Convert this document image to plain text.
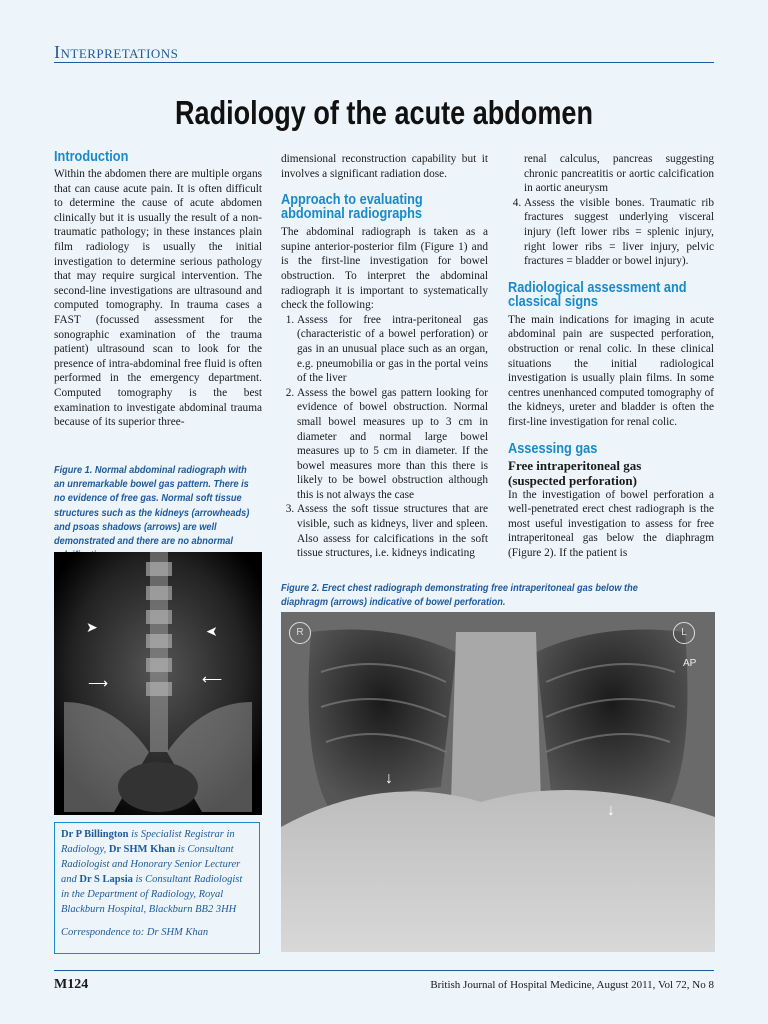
Interpretations
Radiology of the acute abdomen
Introduction

Within the abdomen there are multiple organs that can cause acute pain. It is often difficult to determine the cause of acute abdomen clinically but it is usually the result of a non-traumatic pathology; in these instances plain film radiology is usually the initial investigation to determine serious pathology that may require surgical intervention. The second-line investigations are ultrasound and computed tomography. In trauma cases a FAST (focussed assessment for the sonographic examination of the trauma patient) ultrasound scan to look for the presence of intra-abdominal free fluid is often performed in the emergency department. Computed tomography is the best examination to investigate abdominal trauma because of its superior three-

Figure 1. Normal abdominal radiograph with an unremarkable bowel gas pattern. There is no evidence of free gas. Normal soft tissue structures such as the kidneys (arrowheads) and psoas shadows (arrows) are well demonstrated and there are no abnormal
➤	➤
⟶	⟵
Dr P Billington is Specialist Registrar in Radiology, Dr SHM Khan is Consultant Radiologist and Honorary Senior Lecturer and Dr S Lapsia is Consultant Radiologist in the Department of Radiology, Royal Blackburn Hospital, Blackburn BB2 3HH
Correspondence to: Dr SHM Khan

dimensional reconstruction capability but it involves a significant radiation dose.

Approach to evaluating
abdominal radiographs

The abdominal radiograph is taken as a supine anterior-posterior film (Figure 1) and is the first-line investigation for bowel obstruction. To interpret the abdominal radiograph it is important to systematically check the following:

1. Assess for free intra-peritoneal gas (characteristic of a bowel perforation) or gas in an unusual place such as an organ, e.g. pneumobilia or gas in the portal veins of the liver
2. Assess the bowel gas pattern looking for evidence of bowel obstruction. Normal small bowel measures up to 3 cm in diameter and normal large bowel measures up to 5 cm in diameter. If the bowel measures more than this there is likely to be bowel obstruction although this is not always the case
3. Assess the soft tissue structures that are visible, such as kidneys, liver and spleen. Also assess for calcifications in the soft tissue structures, i.e. kidneys indicating

renal calculus, pancreas suggesting chronic pancreatitis or aortic calcification in aortic aneurysm

4. Assess the visible bones. Traumatic rib fractures suggest underlying visceral injury (left lower ribs = splenic injury, right lower ribs = liver injury, pelvic fractures = bladder or bowel injury).
Radiological assessment and
classical signs

The main indications for imaging in acute abdominal pain are suspected perforation, obstruction or renal colic. In these clinical situations the initial radiological investigation is usually plain films. In some centres unenhanced computed tomography of the kidneys, ureter and bladder is often the first-line investigation for renal colic.

Assessing gas
Free intraperitoneal gas
(suspected perforation)

In the investigation of bowel perforation a well-penetrated erect chest radiograph is the most useful investigation to assess for free intraperitoneal gas below the diaphragm (Figure 2). If the patient is

Figure 2. Erect chest radiograph demonstrating free intraperitoneal gas below the diaphragm (arrows) indicative of bowel perforation.
R	L
AP
↓
↓
M124	British Journal of Hospital Medicine, August 2011, Vol 72, No 8
